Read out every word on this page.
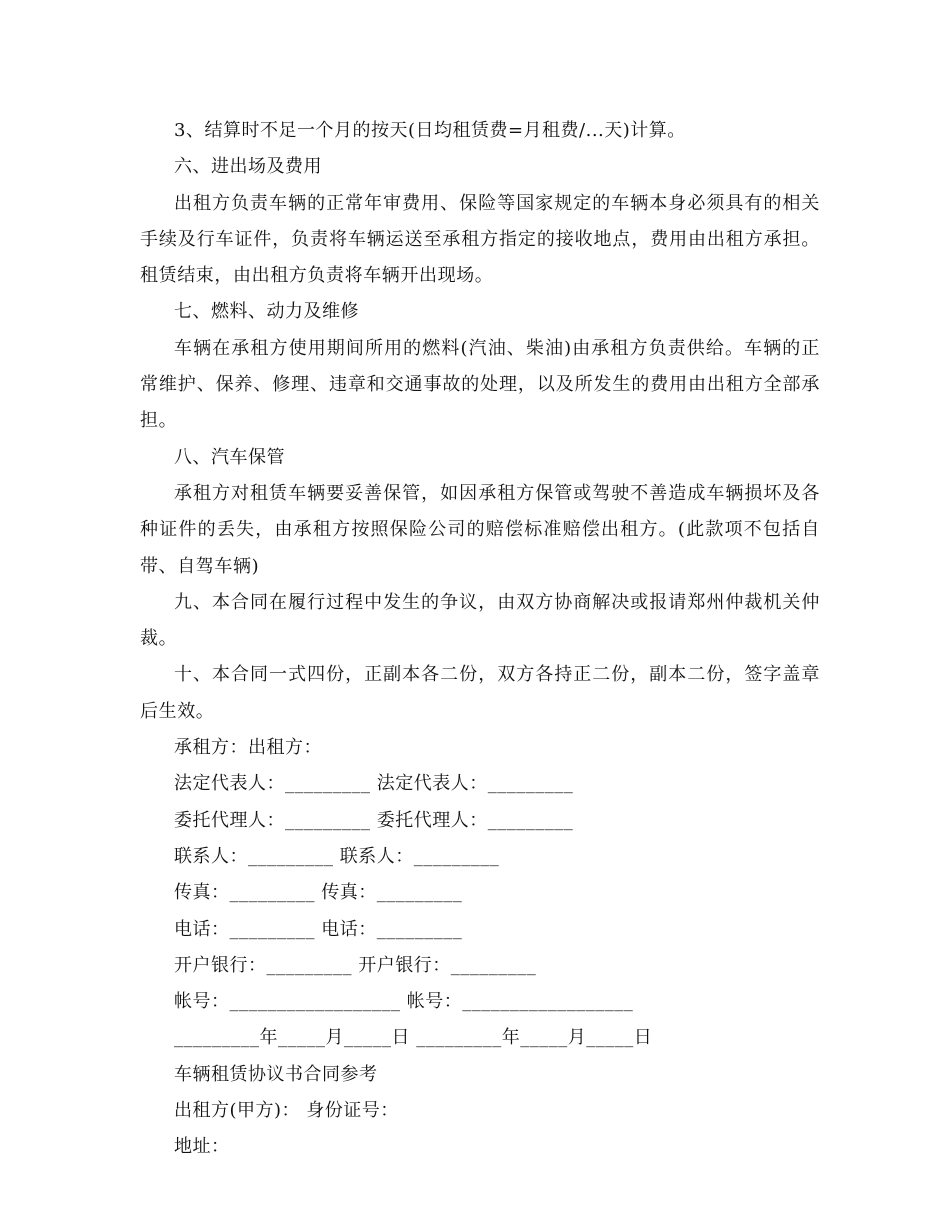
3、结算时不足一个月的按天(日均租赁费=月租费/...天)计算。
六、进出场及费用
出租方负责车辆的正常年审费用、保险等国家规定的车辆本身必须具有的相关手续及行车证件，负责将车辆运送至承租方指定的接收地点，费用由出租方承担。租赁结束，由出租方负责将车辆开出现场。
七、燃料、动力及维修
车辆在承租方使用期间所用的燃料(汽油、柴油)由承租方负责供给。车辆的正常维护、保养、修理、违章和交通事故的处理，以及所发生的费用由出租方全部承担。
八、汽车保管
承租方对租赁车辆要妥善保管，如因承租方保管或驾驶不善造成车辆损坏及各种证件的丢失，由承租方按照保险公司的赔偿标准赔偿出租方。(此款项不包括自带、自驾车辆)
九、本合同在履行过程中发生的争议，由双方协商解决或报请郑州仲裁机关仲裁。
十、本合同一式四份，正副本各二份，双方各持正二份，副本二份，签字盖章后生效。
承租方：出租方：
法定代表人：_________ 法定代表人：_________
委托代理人：_________ 委托代理人：_________
联系人：_________ 联系人：_________
传真：_________ 传真：_________
电话：_________ 电话：_________
开户银行：_________ 开户银行：_________
帐号：__________________ 帐号：__________________
_________年_____月_____日 _________年_____月_____日
车辆租赁协议书合同参考
出租方(甲方)： 身份证号：
地址：
